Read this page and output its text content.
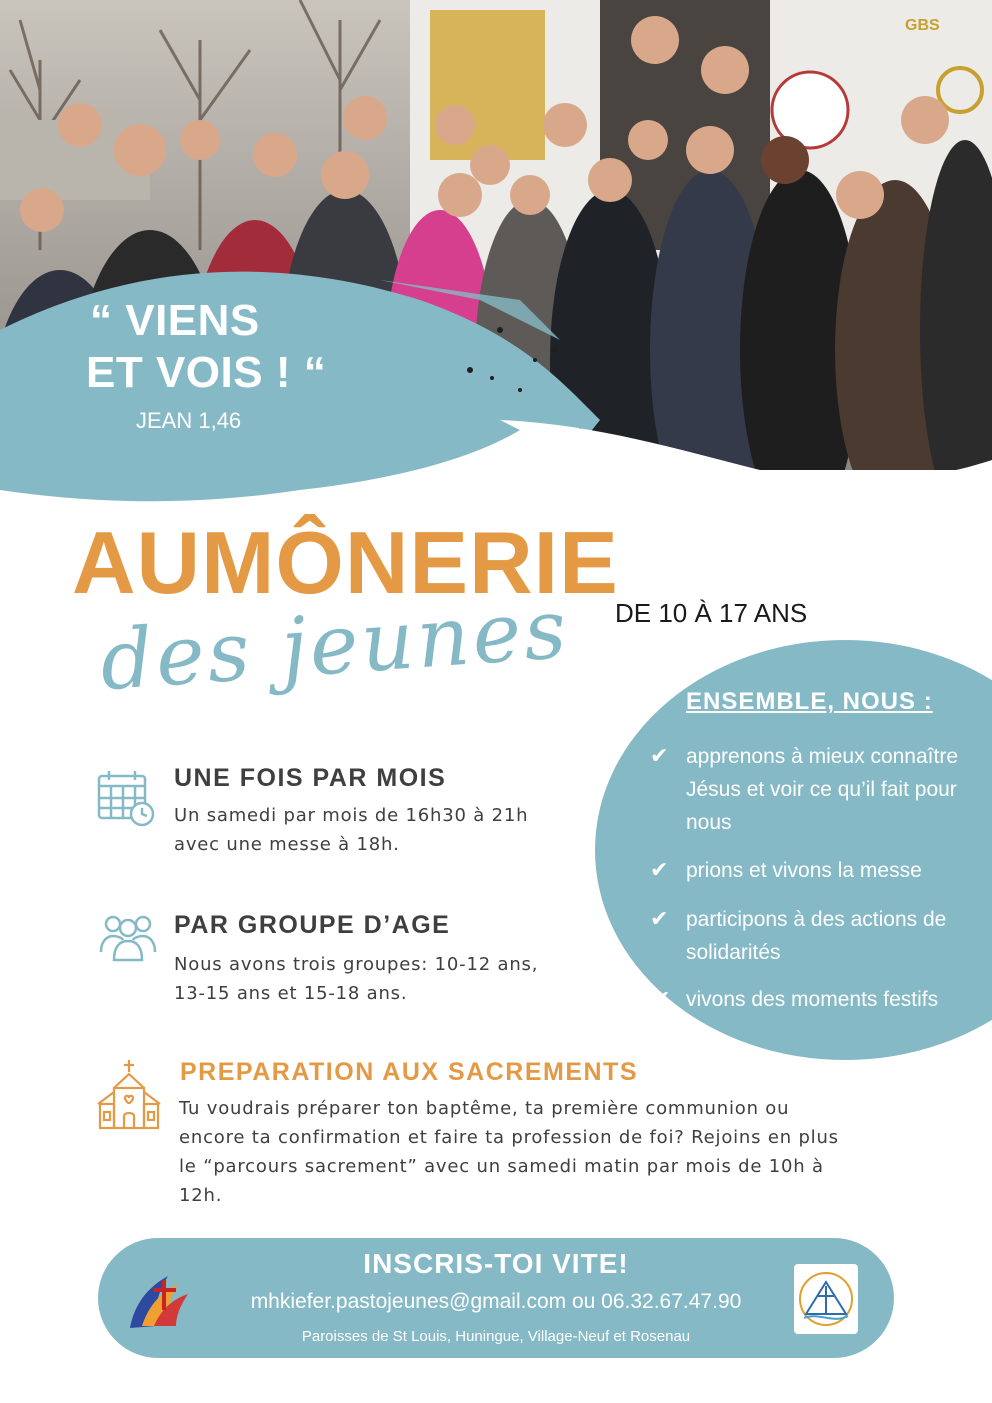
GBS
“ VIENS
ET VOIS ! “
JEAN 1,46
AUMÔNERIE
des jeunes DE 10 À 17 ANS
ENSEMBLE, NOUS :
✔ apprenons à mieux connaître Jésus et voir ce qu’il fait pour nous
✔ prions et vivons la messe
✔ participons à des actions de solidarités
✔ vivons des moments festifs
UNE FOIS PAR MOIS
Un samedi par mois de 16h30 à 21h avec une messe à 18h.
PAR GROUPE D’AGE
Nous avons trois groupes: 10-12 ans, 13-15 ans et 15-18 ans.
PREPARATION AUX SACREMENTS
Tu voudrais préparer ton baptême, ta première communion ou encore ta confirmation et faire ta profession de foi? Rejoins en plus le “parcours sacrement” avec un samedi matin par mois de 10h à 12h.
INSCRIS-TOI VITE!
mhkiefer.pastojeunes@gmail.com ou 06.32.67.47.90
Paroisses de St Louis, Huningue, Village-Neuf et Rosenau
